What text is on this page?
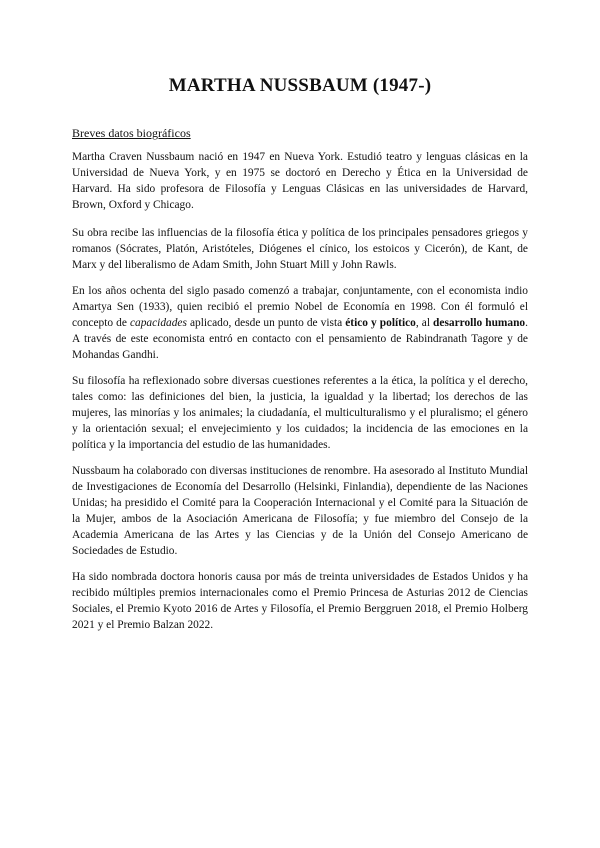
MARTHA NUSSBAUM (1947-)
Breves datos biográficos

Martha Craven Nussbaum nació en 1947 en Nueva York. Estudió teatro y lenguas clásicas en la Universidad de Nueva York, y en 1975 se doctoró en Derecho y Ética en la Universidad de Harvard. Ha sido profesora de Filosofía y Lenguas Clásicas en las universidades de Harvard, Brown, Oxford y Chicago.

Su obra recibe las influencias de la filosofía ética y política de los principales pensadores griegos y romanos (Sócrates, Platón, Aristóteles, Diógenes el cínico, los estoicos y Cicerón), de Kant, de Marx y del liberalismo de Adam Smith, John Stuart Mill y John Rawls.

En los años ochenta del siglo pasado comenzó a trabajar, conjuntamente, con el economista indio Amartya Sen (1933), quien recibió el premio Nobel de Economía en 1998. Con él formuló el concepto de capacidades aplicado, desde un punto de vista ético y político, al desarrollo humano. A través de este economista entró en contacto con el pensamiento de Rabindranath Tagore y de Mohandas Gandhi.

Su filosofía ha reflexionado sobre diversas cuestiones referentes a la ética, la política y el derecho, tales como: las definiciones del bien, la justicia, la igualdad y la libertad; los derechos de las mujeres, las minorías y los animales; la ciudadanía, el multiculturalismo y el pluralismo; el género y la orientación sexual; el envejecimiento y los cuidados; la incidencia de las emociones en la política y la importancia del estudio de las humanidades.

Nussbaum ha colaborado con diversas instituciones de renombre. Ha asesorado al Instituto Mundial de Investigaciones de Economía del Desarrollo (Helsinki, Finlandia), dependiente de las Naciones Unidas; ha presidido el Comité para la Cooperación Internacional y el Comité para la Situación de la Mujer, ambos de la Asociación Americana de Filosofía; y fue miembro del Consejo de la Academia Americana de las Artes y las Ciencias y de la Unión del Consejo Americano de Sociedades de Estudio.

Ha sido nombrada doctora honoris causa por más de treinta universidades de Estados Unidos y ha recibido múltiples premios internacionales como el Premio Princesa de Asturias 2012 de Ciencias Sociales, el Premio Kyoto 2016 de Artes y Filosofía, el Premio Berggruen 2018, el Premio Holberg 2021 y el Premio Balzan 2022.
